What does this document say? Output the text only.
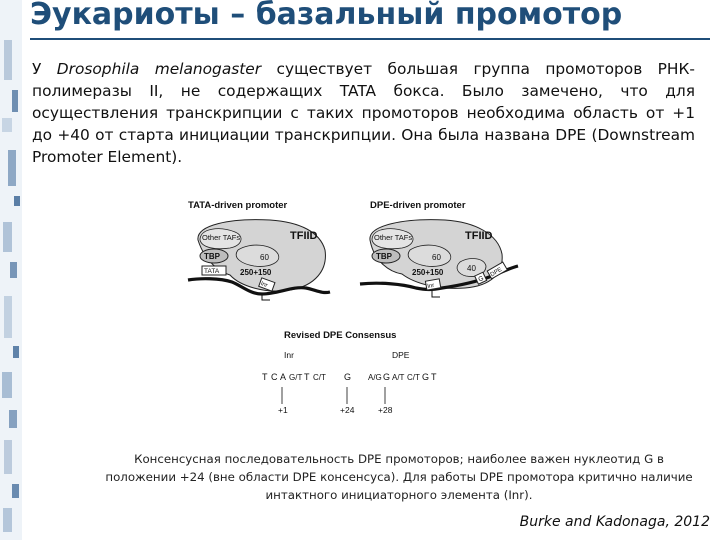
Эукариоты – базальный промотор
У Drosophila melanogaster существует большая группа промоторов РНК-полимеразы II, не содержащих TATA бокса. Было замечено, что для осуществления транскрипции с таких промоторов необходима область от +1 до +40 от старта инициации транскрипции. Она была названа DPE (Downstream Promoter Element).
TATA-driven promoter
Other TAFs	TFIID
60
TBP
TATA	250+150
Inr
DPE-driven promoter
Other TAFs	TFIID
60
TBP
250+150	40
Inr
G
DPE
Revised DPE Consensus
Inr	DPE
T C A G/T T C/T G A/G G A/T C/T G T
+1	+24	+28
Консенсусная последовательность DPE промоторов; наиболее важен нуклеотид G в положении +24 (вне области DPE консенсуса). Для работы DPE промотора критично наличие интактного инициаторного элемента (Inr).
Burke and Kadonaga, 2012
